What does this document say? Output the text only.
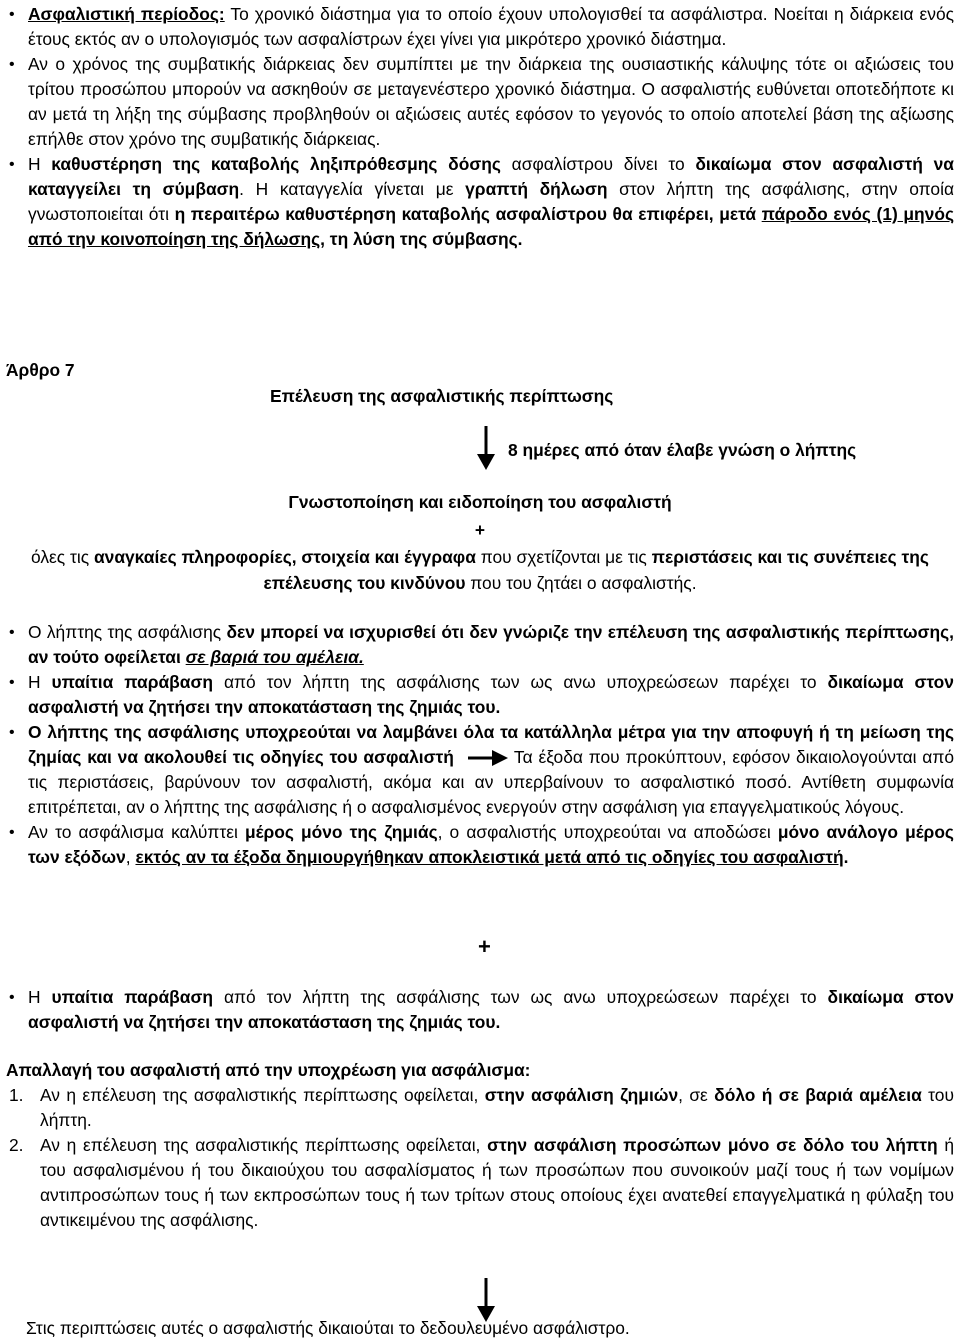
• Ασφαλιστική περίοδος: Το χρονικό διάστημα για το οποίο έχουν υπολογισθεί τα ασφάλιστρα. Νοείται η διάρκεια ενός έτους εκτός αν ο υπολογισμός των ασφαλίστρων έχει γίνει για μικρότερο χρονικό διάστημα.
• Αν ο χρόνος της συμβατικής διάρκειας δεν συμπίπτει με την διάρκεια της ουσιαστικής κάλυψης τότε οι αξιώσεις του τρίτου προσώπου μπορούν να ασκηθούν σε μεταγενέστερο χρονικό διάστημα. Ο ασφαλιστής ευθύνεται οποτεδήποτε κι αν μετά τη λήξη της σύμβασης προβληθούν οι αξιώσεις αυτές εφόσον το γεγονός το οποίο αποτελεί βάση της αξίωσης επήλθε στον χρόνο της συμβατικής διάρκειας.
• Η καθυστέρηση της καταβολής ληξιπρόθεσμης δόσης ασφαλίστρου δίνει το δικαίωμα στον ασφαλιστή να καταγγείλει τη σύμβαση. Η καταγγελία γίνεται με γραπτή δήλωση στον λήπτη της ασφάλισης, στην οποία γνωστοποιείται ότι η περαιτέρω καθυστέρηση καταβολής ασφαλίστρου θα επιφέρει, μετά πάροδο ενός (1) μηνός από την κοινοποίηση της δήλωσης, τη λύση της σύμβασης.
Άρθρο 7
Επέλευση της ασφαλιστικής περίπτωσης
8 ημέρες από όταν έλαβε γνώση ο λήπτης
Γνωστοποίηση και ειδοποίηση του ασφαλιστή
+
όλες τις αναγκαίες πληροφορίες, στοιχεία και έγγραφα που σχετίζονται με τις περιστάσεις και τις συνέπειες της επέλευσης του κινδύνου που του ζητάει ο ασφαλιστής.
• Ο λήπτης της ασφάλισης δεν μπορεί να ισχυρισθεί ότι δεν γνώριζε την επέλευση της ασφαλιστικής περίπτωσης, αν τούτο οφείλεται σε βαριά του αμέλεια.
• Η υπαίτια παράβαση από τον λήπτη της ασφάλισης των ως ανω υποχρεώσεων παρέχει το δικαίωμα στον ασφαλιστή να ζητήσει την αποκατάσταση της ζημιάς του.
• Ο λήπτης της ασφάλισης υποχρεούται να λαμβάνει όλα τα κατάλληλα μέτρα για την αποφυγή ή τη μείωση της ζημίας και να ακολουθεί τις οδηγίες του ασφαλιστή	Τα έξοδα που προκύπτουν, εφόσον δικαιολογούνται από τις περιστάσεις, βαρύνουν τον ασφαλιστή, ακόμα και αν υπερβαίνουν το ασφαλιστικό ποσό. Αντίθετη συμφωνία επιτρέπεται, αν ο λήπτης της ασφάλισης ή ο ασφαλισμένος ενεργούν στην ασφάλιση για επαγγελματικούς λόγους.
• Αν το ασφάλισμα καλύπτει μέρος μόνο της ζημιάς, ο ασφαλιστής υποχρεούται να αποδώσει μόνο ανάλογο μέρος των εξόδων, εκτός αν τα έξοδα δημιουργήθηκαν αποκλειστικά μετά από τις οδηγίες του ασφαλιστή.
+
• Η υπαίτια παράβαση από τον λήπτη της ασφάλισης των ως ανω υποχρεώσεων παρέχει το δικαίωμα στον ασφαλιστή να ζητήσει την αποκατάσταση της ζημιάς του.
Απαλλαγή του ασφαλιστή από την υποχρέωση για ασφάλισμα:
1. Αν η επέλευση της ασφαλιστικής περίπτωσης οφείλεται, στην ασφάλιση ζημιών, σε δόλο ή σε βαριά αμέλεια του λήπτη.
2. Αν η επέλευση της ασφαλιστικής περίπτωσης οφείλεται, στην ασφάλιση προσώπων μόνο σε δόλο του λήπτη ή του ασφαλισμένου ή του δικαιούχου του ασφαλίσματος ή των προσώπων που συνοικούν μαζί τους ή των νομίμων αντιπροσώπων τους ή των εκπροσώπων τους ή των τρίτων στους οποίους έχει ανατεθεί επαγγελματικά η φύλαξη του αντικειμένου της ασφάλισης.
Στις περιπτώσεις αυτές ο ασφαλιστής δικαιούται το δεδουλευμένο ασφάλιστρο.
